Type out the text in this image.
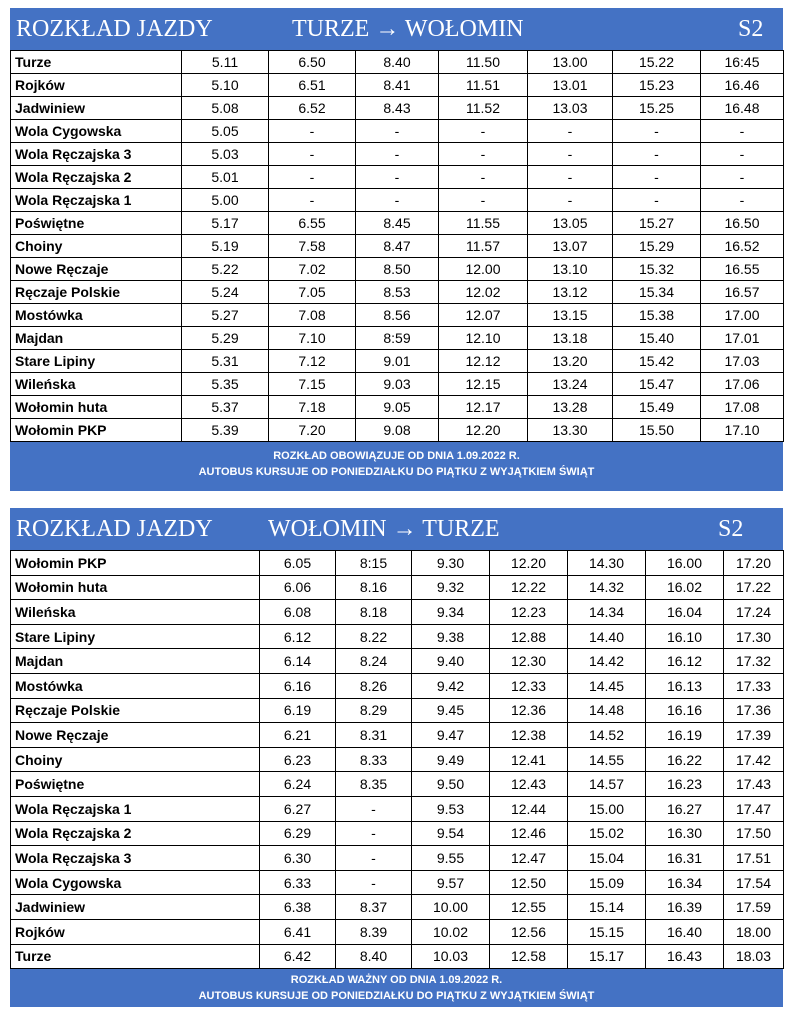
ROZKŁAD JAZDY	TURZE → WOŁOMIN	S2
Turze	5.11	6.50	8.40	11.50	13.00	15.22	16:45
Rojków	5.10	6.51	8.41	11.51	13.01	15.23	16.46
Jadwiniew	5.08	6.52	8.43	11.52	13.03	15.25	16.48
Wola Cygowska	5.05	-	-	-	-	-	-
Wola Ręczajska 3	5.03	-	-	-	-	-	-
Wola Ręczajska 2	5.01	-	-	-	-	-	-
Wola Ręczajska 1	5.00	-	-	-	-	-	-
Poświętne	5.17	6.55	8.45	11.55	13.05	15.27	16.50
Choiny	5.19	7.58	8.47	11.57	13.07	15.29	16.52
Nowe Ręczaje	5.22	7.02	8.50	12.00	13.10	15.32	16.55
Ręczaje Polskie	5.24	7.05	8.53	12.02	13.12	15.34	16.57
Mostówka	5.27	7.08	8.56	12.07	13.15	15.38	17.00
Majdan	5.29	7.10	8:59	12.10	13.18	15.40	17.01
Stare Lipiny	5.31	7.12	9.01	12.12	13.20	15.42	17.03
Wileńska	5.35	7.15	9.03	12.15	13.24	15.47	17.06
Wołomin huta	5.37	7.18	9.05	12.17	13.28	15.49	17.08
Wołomin PKP	5.39	7.20	9.08	12.20	13.30	15.50	17.10
ROZKŁAD OBOWIĄZUJE OD DNIA 1.09.2022 R.
AUTOBUS KURSUJE OD PONIEDZIAŁKU DO PIĄTKU Z WYJĄTKIEM ŚWIĄT
ROZKŁAD JAZDY WOŁOMIN → TURZE	S2
Wołomin PKP	6.05	8:15	9.30	12.20	14.30	16.00	17.20
Wołomin huta	6.06	8.16	9.32	12.22	14.32	16.02	17.22
Wileńska	6.08	8.18	9.34	12.23	14.34	16.04	17.24
Stare Lipiny	6.12	8.22	9.38	12.88	14.40	16.10	17.30
Majdan	6.14	8.24	9.40	12.30	14.42	16.12	17.32
Mostówka	6.16	8.26	9.42	12.33	14.45	16.13	17.33
Ręczaje Polskie	6.19	8.29	9.45	12.36	14.48	16.16	17.36
Nowe Ręczaje	6.21	8.31	9.47	12.38	14.52	16.19	17.39
Choiny	6.23	8.33	9.49	12.41	14.55	16.22	17.42
Poświętne	6.24	8.35	9.50	12.43	14.57	16.23	17.43
Wola Ręczajska 1	6.27	-	9.53	12.44	15.00	16.27	17.47
Wola Ręczajska 2	6.29	-	9.54	12.46	15.02	16.30	17.50
Wola Ręczajska 3	6.30	-	9.55	12.47	15.04	16.31	17.51
Wola Cygowska	6.33	-	9.57	12.50	15.09	16.34	17.54
Jadwiniew	6.38	8.37	10.00	12.55	15.14	16.39	17.59
Rojków	6.41	8.39	10.02	12.56	15.15	16.40	18.00
Turze	6.42	8.40	10.03	12.58	15.17	16.43	18.03
ROZKŁAD WAŻNY OD DNIA 1.09.2022 R.
AUTOBUS KURSUJE OD PONIEDZIAŁKU DO PIĄTKU Z WYJĄTKIEM ŚWIĄT
